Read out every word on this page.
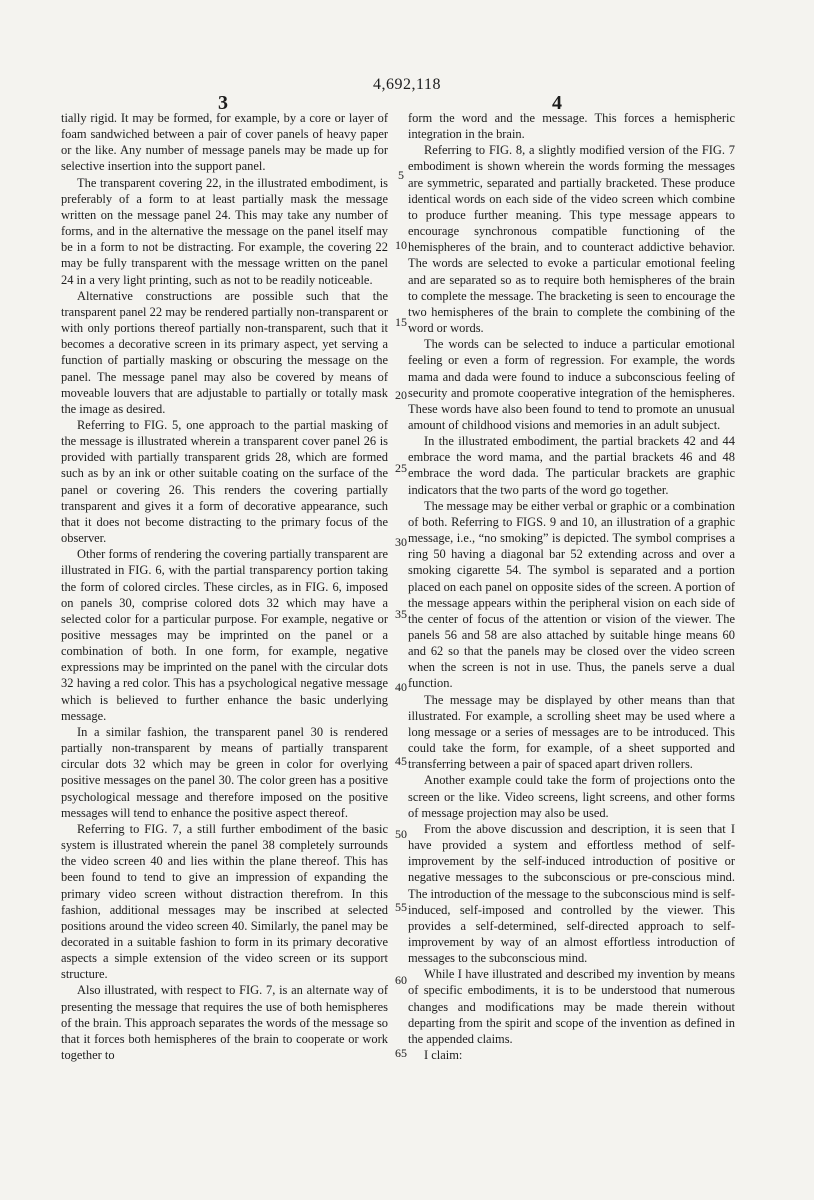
4,692,118
3	4

tially rigid. It may be formed, for example, by a core or layer of foam sandwiched between a pair of cover panels of heavy paper or the like. Any number of message panels may be made up for selective insertion into the support panel.

The transparent covering 22, in the illustrated embodiment, is preferably of a form to at least partially mask the message written on the message panel 24. This may take any number of forms, and in the alternative the message on the panel itself may be in a form to not be distracting. For example, the covering 22 may be fully transparent with the message written on the panel 24 in a very light printing, such as not to be readily noticeable.

Alternative constructions are possible such that the transparent panel 22 may be rendered partially non-transparent or with only portions thereof partially non-transparent, such that it becomes a decorative screen in its primary aspect, yet serving a function of partially masking or obscuring the message on the panel. The message panel may also be covered by means of moveable louvers that are adjustable to partially or totally mask the image as desired.

Referring to FIG. 5, one approach to the partial masking of the message is illustrated wherein a transparent cover panel 26 is provided with partially transparent grids 28, which are formed such as by an ink or other suitable coating on the surface of the panel or covering 26. This renders the covering partially transparent and gives it a form of decorative appearance, such that it does not become distracting to the primary focus of the observer.

Other forms of rendering the covering partially transparent are illustrated in FIG. 6, with the partial transparency portion taking the form of colored circles. These circles, as in FIG. 6, imposed on panels 30, comprise colored dots 32 which may have a selected color for a particular purpose. For example, negative or positive messages may be imprinted on the panel or a combination of both. In one form, for example, negative expressions may be imprinted on the panel with the circular dots 32 having a red color. This has a psychological negative message which is believed to further enhance the basic underlying message.

In a similar fashion, the transparent panel 30 is rendered partially non-transparent by means of partially transparent circular dots 32 which may be green in color for overlying positive messages on the panel 30. The color green has a positive psychological message and therefore imposed on the positive messages will tend to enhance the positive aspect thereof.

Referring to FIG. 7, a still further embodiment of the basic system is illustrated wherein the panel 38 completely surrounds the video screen 40 and lies within the plane thereof. This has been found to tend to give an impression of expanding the primary video screen without distraction therefrom. In this fashion, additional messages may be inscribed at selected positions around the video screen 40. Similarly, the panel may be decorated in a suitable fashion to form in its primary decorative aspects a simple extension of the video screen or its support structure.

Also illustrated, with respect to FIG. 7, is an alternate way of presenting the message that requires the use of both hemispheres of the brain. This approach separates the words of the message so that it forces both hemispheres of the brain to cooperate or work together to

form the word and the message. This forces a hemispheric integration in the brain.

Referring to FIG. 8, a slightly modified version of the FIG. 7 embodiment is shown wherein the words forming the messages are symmetric, separated and partially bracketed. These produce identical words on each side of the video screen which combine to produce further meaning. This type message appears to encourage synchronous compatible functioning of the hemispheres of the brain, and to counteract addictive behavior. The words are selected to evoke a particular emotional feeling and are separated so as to require both hemispheres of the brain to complete the message. The bracketing is seen to encourage the two hemispheres of the brain to complete the combining of the word or words.

The words can be selected to induce a particular emotional feeling or even a form of regression. For example, the words mama and dada were found to induce a subconscious feeling of security and promote cooperative integration of the hemispheres. These words have also been found to tend to promote an unusual amount of childhood visions and memories in an adult subject.

In the illustrated embodiment, the partial brackets 42 and 44 embrace the word mama, and the partial brackets 46 and 48 embrace the word dada. The particular brackets are graphic indicators that the two parts of the word go together.

The message may be either verbal or graphic or a combination of both. Referring to FIGS. 9 and 10, an illustration of a graphic message, i.e., “no smoking” is depicted. The symbol comprises a ring 50 having a diagonal bar 52 extending across and over a smoking cigarette 54. The symbol is separated and a portion placed on each panel on opposite sides of the screen. A portion of the message appears within the peripheral vision on each side of the center of focus of the attention or vision of the viewer. The panels 56 and 58 are also attached by suitable hinge means 60 and 62 so that the panels may be closed over the video screen when the screen is not in use. Thus, the panels serve a dual function.

The message may be displayed by other means than that illustrated. For example, a scrolling sheet may be used where a long message or a series of messages are to be introduced. This could take the form, for example, of a sheet supported and transferring between a pair of spaced apart driven rollers.

Another example could take the form of projections onto the screen or the like. Video screens, light screens, and other forms of message projection may also be used.

From the above discussion and description, it is seen that I have provided a system and effortless method of self-improvement by the self-induced introduction of positive or negative messages to the subconscious or pre-conscious mind. The introduction of the message to the subconscious mind is self-induced, self-imposed and controlled by the viewer. This provides a self-determined, self-directed approach to self-improvement by way of an almost effortless introduction of messages to the subconscious mind.

While I have illustrated and described my invention by means of specific embodiments, it is to be understood that numerous changes and modifications may be made therein without departing from the spirit and scope of the invention as defined in the appended claims.

I claim:

5
10
15
20
25
30
35
40
45
50
55
60
65
